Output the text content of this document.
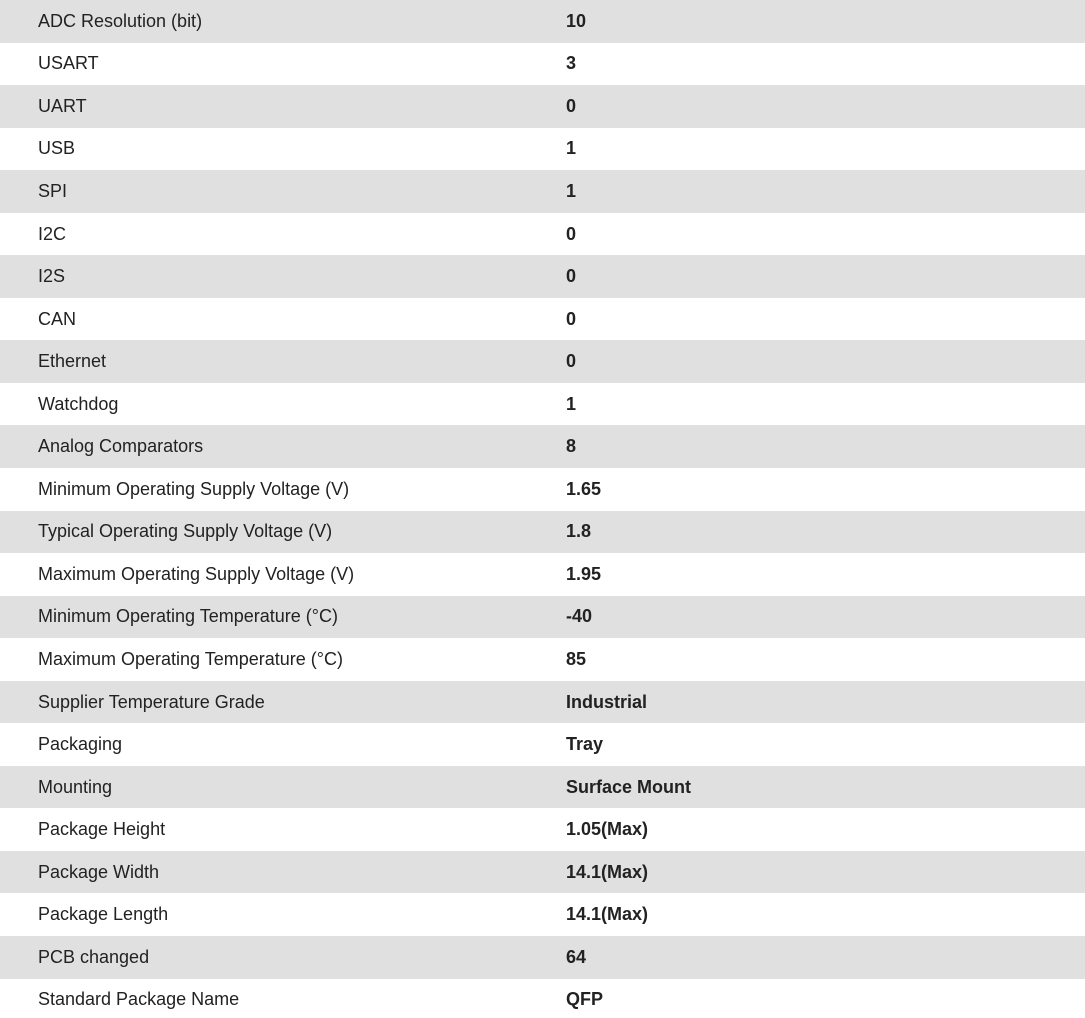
ADC Resolution (bit)	10
USART	3
UART	0
USB	1
SPI	1
I2C	0
I2S	0
CAN	0
Ethernet	0
Watchdog	1
Analog Comparators	8
Minimum Operating Supply Voltage (V)	1.65
Typical Operating Supply Voltage (V)	1.8
Maximum Operating Supply Voltage (V)	1.95
Minimum Operating Temperature (°C)	-40
Maximum Operating Temperature (°C)	85
Supplier Temperature Grade	Industrial
Packaging	Tray
Mounting	Surface Mount
Package Height	1.05(Max)
Package Width	14.1(Max)
Package Length	14.1(Max)
PCB changed	64
Standard Package Name	QFP
